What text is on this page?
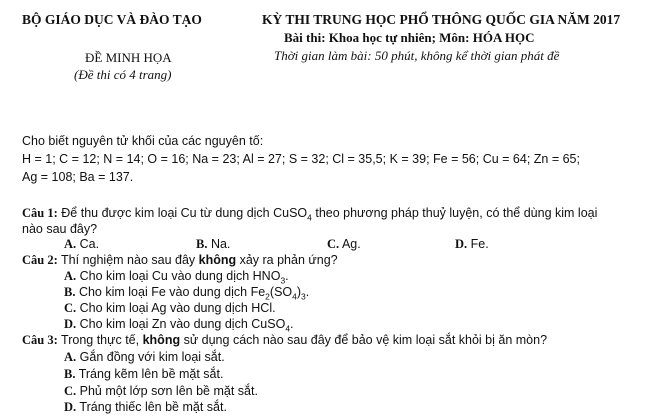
BỘ GIÁO DỤC VÀ ĐÀO TẠO	KỲ THI TRUNG HỌC PHỔ THÔNG QUỐC GIA NĂM 2017
Bài thi: Khoa học tự nhiên; Môn: HÓA HỌC
ĐỀ MINH HỌA	Thời gian làm bài: 50 phút, không kể thời gian phát đề
(Đề thi có 4 trang)
Cho biết nguyên tử khối của các nguyên tố:
H = 1; C = 12; N = 14; O = 16; Na = 23; Al = 27; S = 32; Cl = 35,5; K = 39; Fe = 56; Cu = 64; Zn = 65;
Ag = 108; Ba = 137.
Câu 1: Để thu được kim loại Cu từ dung dịch CuSO$_4$ theo phương pháp thuỷ luyện, có thể dùng kim loại
nào sau đây?
A. Ca.	B. Na.	C. Ag.	D. Fe.
Câu 2: Thí nghiệm nào sau đây không xảy ra phản ứng?
A. Cho kim loại Cu vào dung dịch $HNO_3$.
B. Cho kim loại Fe vào dung dịch $Fe_2(SO_4)_3$.
C. Cho kim loại Ag vào dung dịch HCl.
D. Cho kim loại Zn vào dung dịch CuSO$_4$.
Câu 3: Trong thực tế, không sử dụng cách nào sau đây để bảo vệ kim loại sắt khỏi bị ăn mòn?
A. Gắn đồng với kim loại sắt.
B. Tráng kẽm lên bề mặt sắt.
C. Phủ một lớp sơn lên bề mặt sắt.
D. Tráng thiếc lên bề mặt sắt.
